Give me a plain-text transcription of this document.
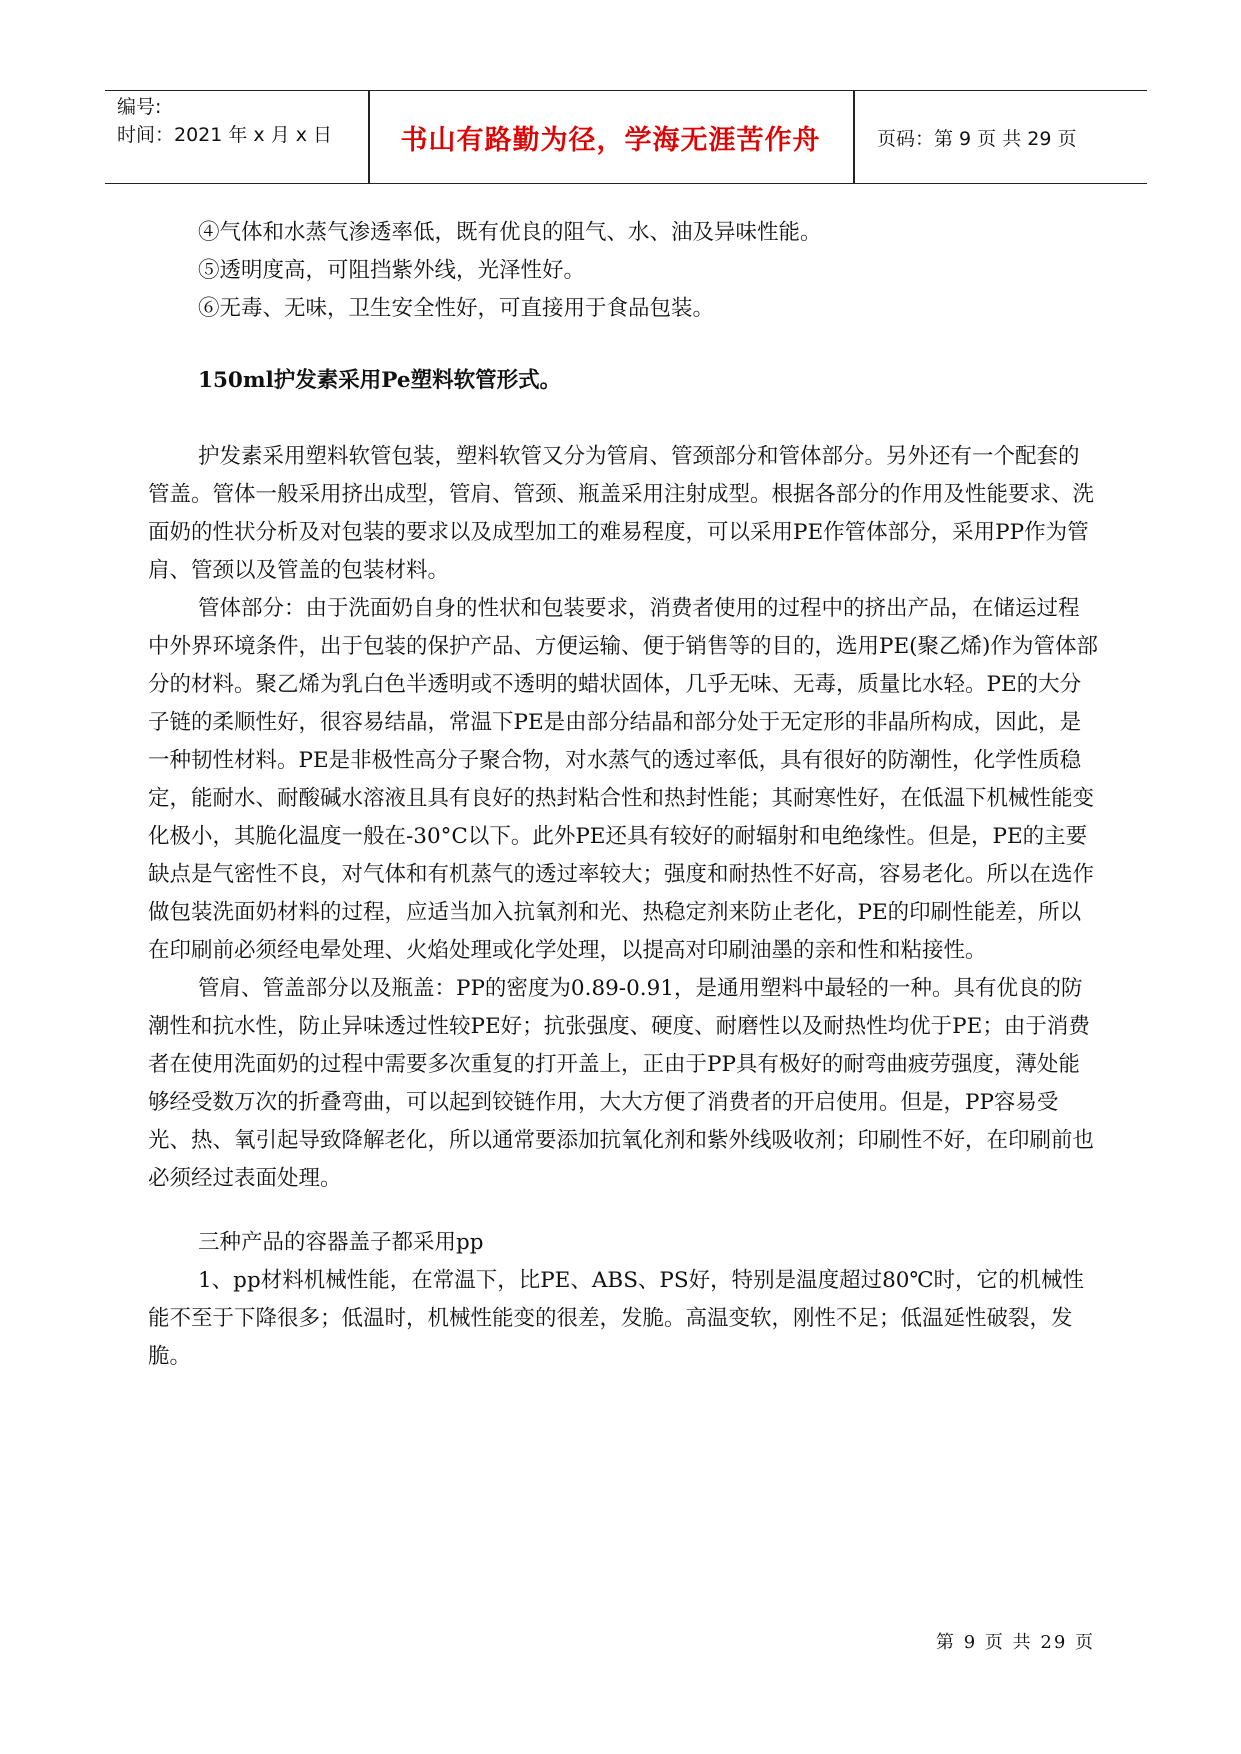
编号:
时间：2021 年 x 月 x 日	书山有路勤为径，学海无涯苦作舟	页码：第 9 页 共 29 页

④气体和水蒸气渗透率低，既有优良的阻气、水、油及异味性能。

⑤透明度高，可阻挡紫外线，光泽性好。

⑥无毒、无味，卫生安全性好，可直接用于食品包装。

150ml护发素采用Pe塑料软管形式。

护发素采用塑料软管包装，塑料软管又分为管肩、管颈部分和管体部分。另外还有一个配套的管盖。管体一般采用挤出成型，管肩、管颈、瓶盖采用注射成型。根据各部分的作用及性能要求、洗面奶的性状分析及对包装的要求以及成型加工的难易程度，可以采用PE作管体部分，采用PP作为管肩、管颈以及管盖的包装材料。

管体部分：由于洗面奶自身的性状和包装要求，消费者使用的过程中的挤出产品，在储运过程中外界环境条件，出于包装的保护产品、方便运输、便于销售等的目的，选用PE(聚乙烯)作为管体部分的材料。聚乙烯为乳白色半透明或不透明的蜡状固体，几乎无味、无毒，质量比水轻。PE的大分子链的柔顺性好，很容易结晶，常温下PE是由部分结晶和部分处于无定形的非晶所构成，因此，是一种韧性材料。PE是非极性高分子聚合物，对水蒸气的透过率低，具有很好的防潮性，化学性质稳定，能耐水、耐酸碱水溶液且具有良好的热封粘合性和热封性能；其耐寒性好，在低温下机械性能变化极小，其脆化温度一般在-30°C以下。此外PE还具有较好的耐辐射和电绝缘性。但是，PE的主要缺点是气密性不良，对气体和有机蒸气的透过率较大；强度和耐热性不好高，容易老化。所以在选作做包装洗面奶材料的过程，应适当加入抗氧剂和光、热稳定剂来防止老化，PE的印刷性能差，所以在印刷前必须经电晕处理、火焰处理或化学处理，以提高对印刷油墨的亲和性和粘接性。

管肩、管盖部分以及瓶盖：PP的密度为0.89-0.91，是通用塑料中最轻的一种。具有优良的防潮性和抗水性，防止异味透过性较PE好；抗张强度、硬度、耐磨性以及耐热性均优于PE；由于消费者在使用洗面奶的过程中需要多次重复的打开盖上，正由于PP具有极好的耐弯曲疲劳强度，薄处能够经受数万次的折叠弯曲，可以起到铰链作用，大大方便了消费者的开启使用。但是，PP容易受光、热、氧引起导致降解老化，所以通常要添加抗氧化剂和紫外线吸收剂；印刷性不好，在印刷前也必须经过表面处理。

三种产品的容器盖子都采用pp

1、pp材料机械性能，在常温下，比PE、ABS、PS好，特别是温度超过80℃时，它的机械性能不至于下降很多；低温时，机械性能变的很差，发脆。高温变软，刚性不足；低温延性破裂，发脆。

第 9 页 共 29 页
